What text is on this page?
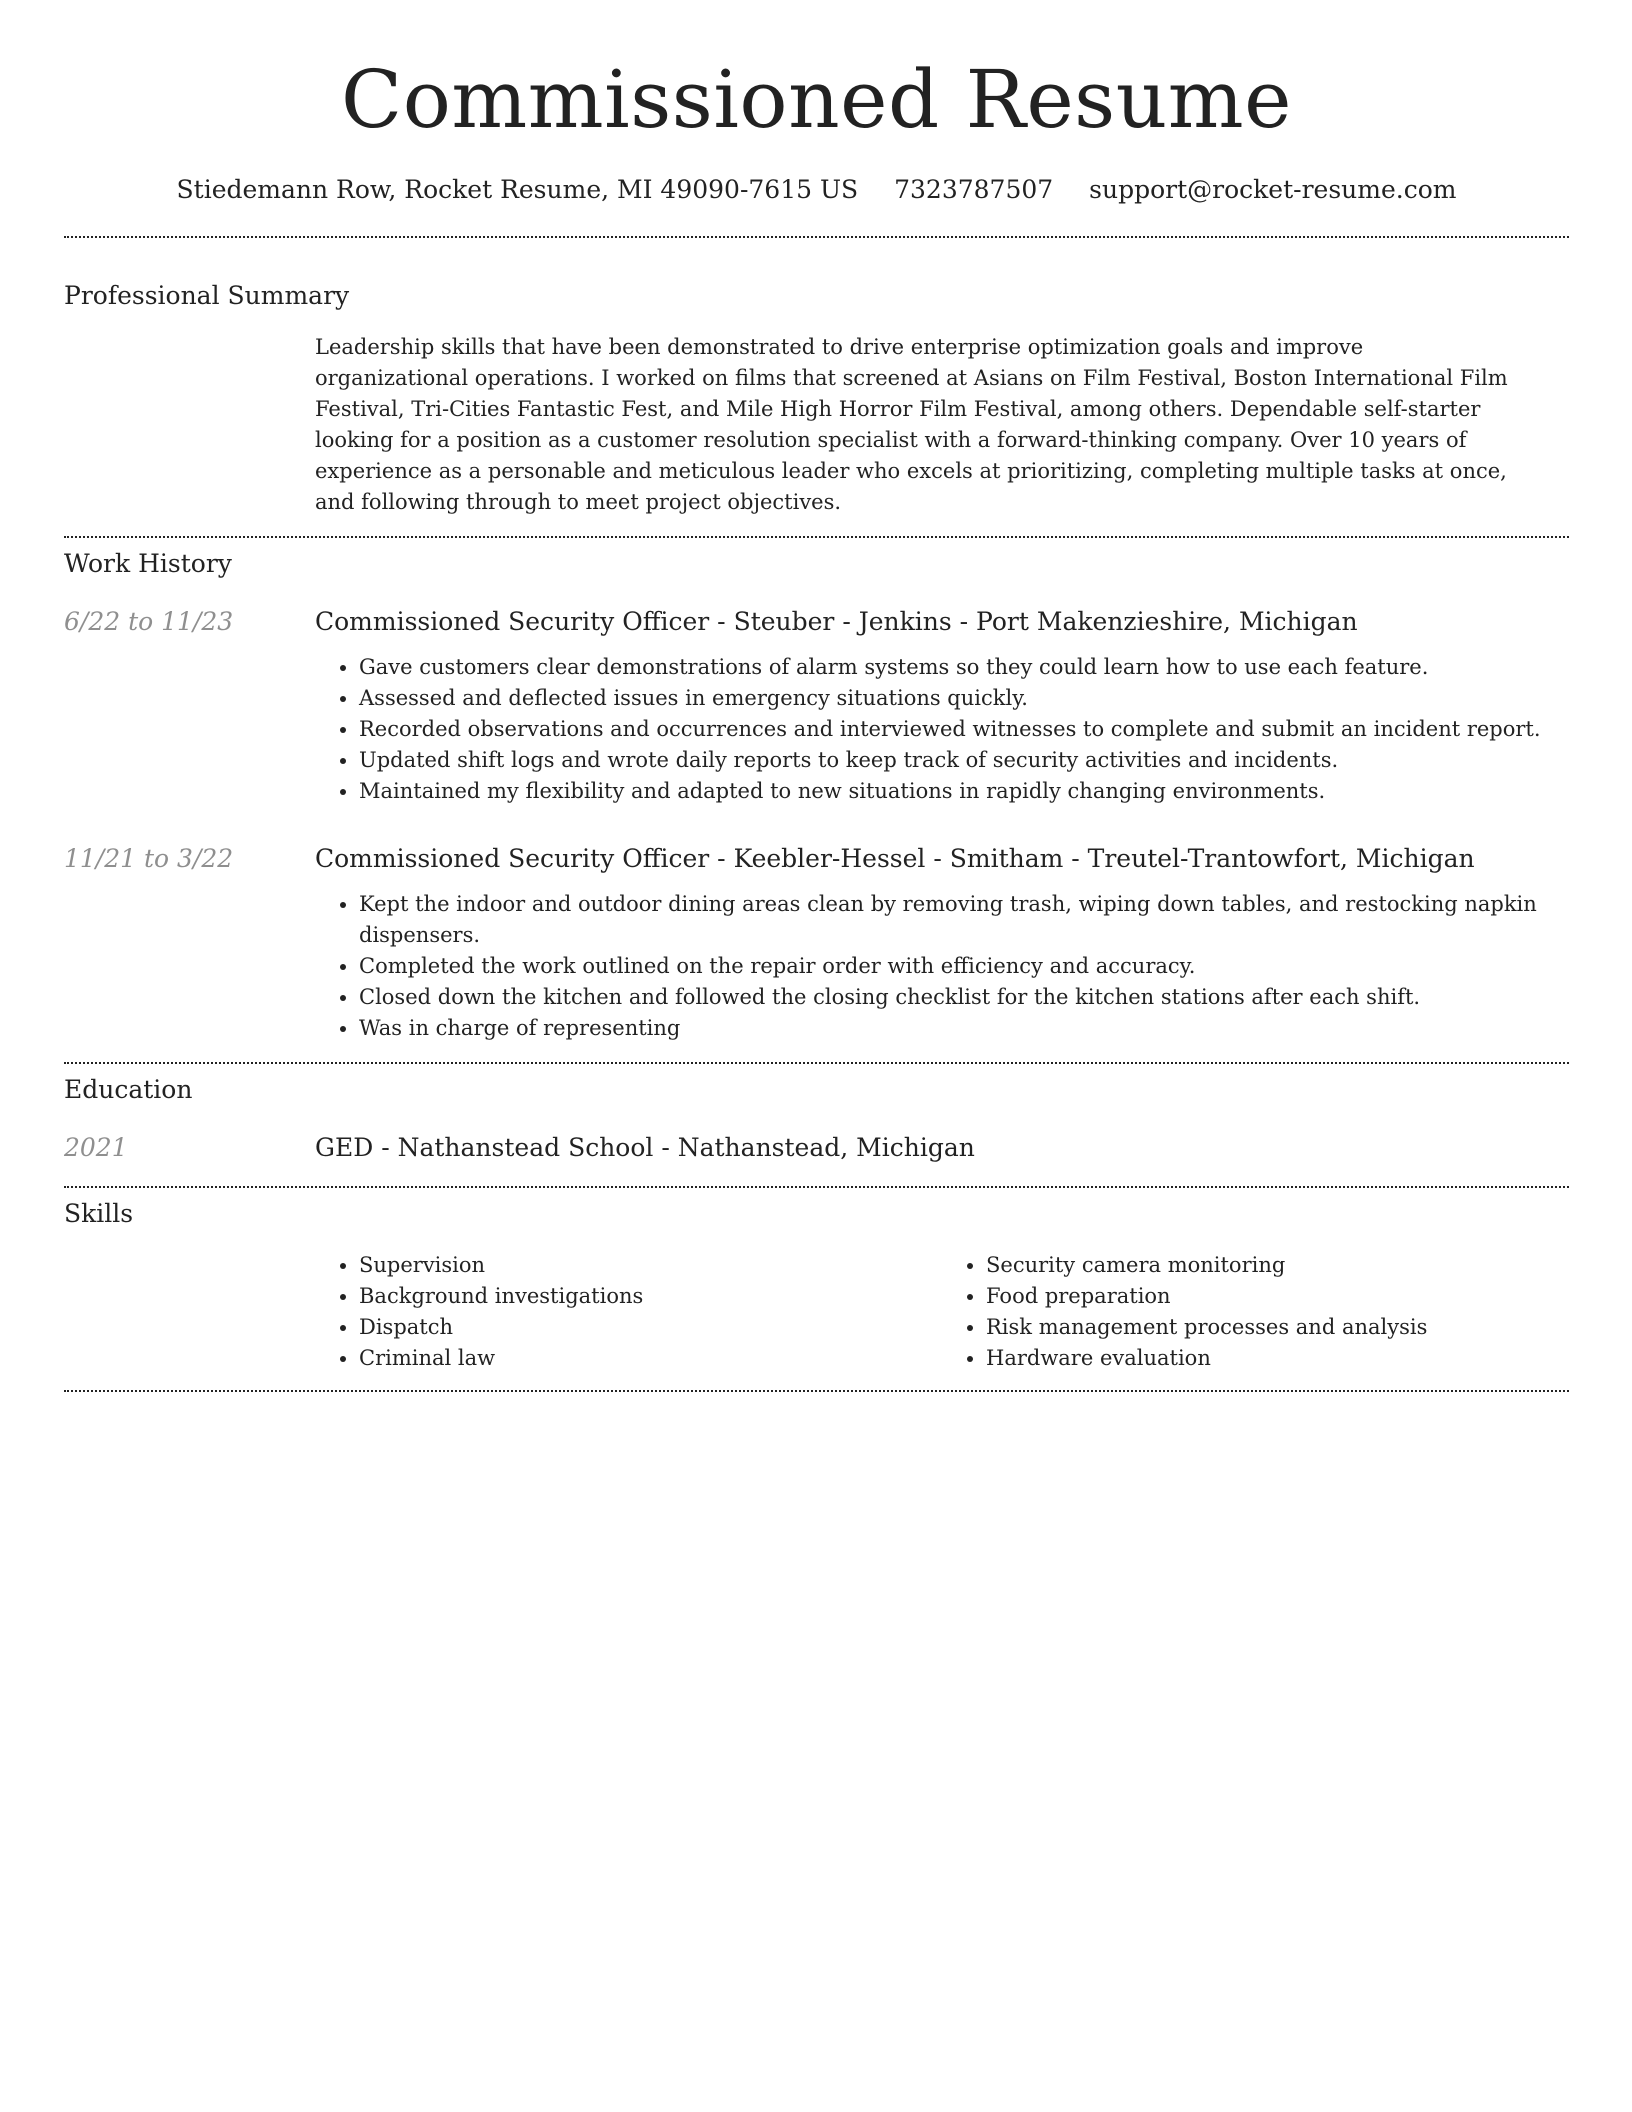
Commissioned Resume
Stiedemann Row, Rocket Resume, MI 49090-7615 US 7323787507 support@rocket-resume.com
Professional Summary
Leadership skills that have been demonstrated to drive enterprise optimization goals and improve organizational operations. I worked on films that screened at Asians on Film Festival, Boston International Film Festival, Tri-Cities Fantastic Fest, and Mile High Horror Film Festival, among others. Dependable self-starter looking for a position as a customer resolution specialist with a forward-thinking company. Over 10 years of experience as a personable and meticulous leader who excels at prioritizing, completing multiple tasks at once, and following through to meet project objectives.
Work History
6/22 to 11/23	Commissioned Security Officer - Steuber - Jenkins - Port Makenzieshire, Michigan
• Gave customers clear demonstrations of alarm systems so they could learn how to use each feature.
• Assessed and deflected issues in emergency situations quickly.
• Recorded observations and occurrences and interviewed witnesses to complete and submit an incident report.
• Updated shift logs and wrote daily reports to keep track of security activities and incidents.
• Maintained my flexibility and adapted to new situations in rapidly changing environments.
11/21 to 3/22	Commissioned Security Officer - Keebler-Hessel - Smitham - Treutel-Trantowfort, Michigan
• Kept the indoor and outdoor dining areas clean by removing trash, wiping down tables, and restocking napkin dispensers.
• Completed the work outlined on the repair order with efficiency and accuracy.
• Closed down the kitchen and followed the closing checklist for the kitchen stations after each shift.
• Was in charge of representing
Education
2021	GED - Nathanstead School - Nathanstead, Michigan
Skills
• Supervision
• Background investigations
• Dispatch
• Criminal law
• Security camera monitoring
• Food preparation
• Risk management processes and analysis
• Hardware evaluation
